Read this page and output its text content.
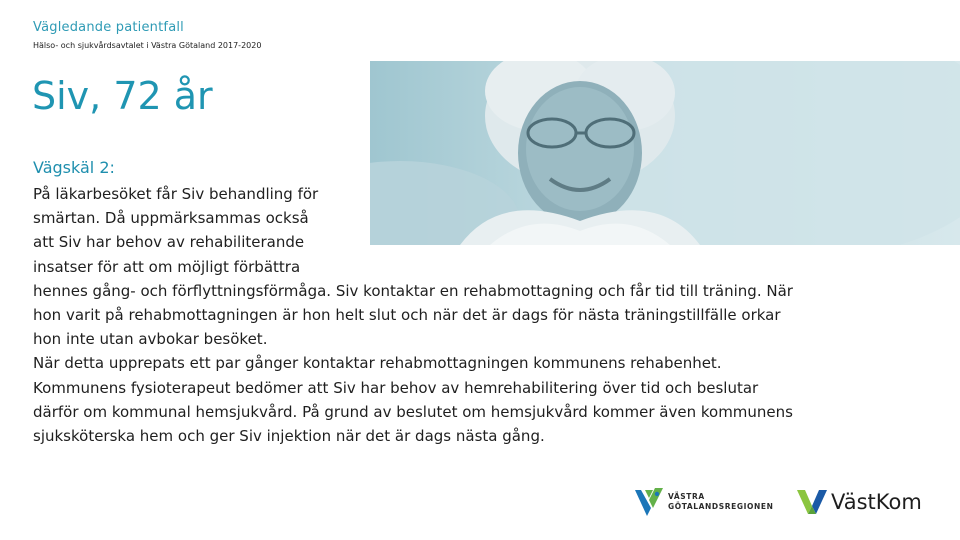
Vägledande patientfall
Hälso- och sjukvårdsavtalet i Västra Götaland 2017-2020
Siv, 72 år
Vägskäl 2:
På läkarbesöket får Siv behandling för
smärtan. Då uppmärksammas också
att Siv har behov av rehabiliterande
insatser för att om möjligt förbättra
hennes gång- och förflyttningsförmåga. Siv kontaktar en rehabmottagning och får tid till träning. När
hon varit på rehabmottagningen är hon helt slut och när det är dags för nästa träningstillfälle orkar
hon inte utan avbokar besöket.
När detta upprepats ett par gånger kontaktar rehabmottagningen kommunens rehabenhet.
Kommunens fysioterapeut bedömer att Siv har behov av hemrehabilitering över tid och beslutar
därför om kommunal hemsjukvård. På grund av beslutet om hemsjukvård kommer även kommunens
sjuksköterska hem och ger Siv injektion när det är dags nästa gång.
VÄSTRA
GÖTALANDSREGIONEN	VästKom
